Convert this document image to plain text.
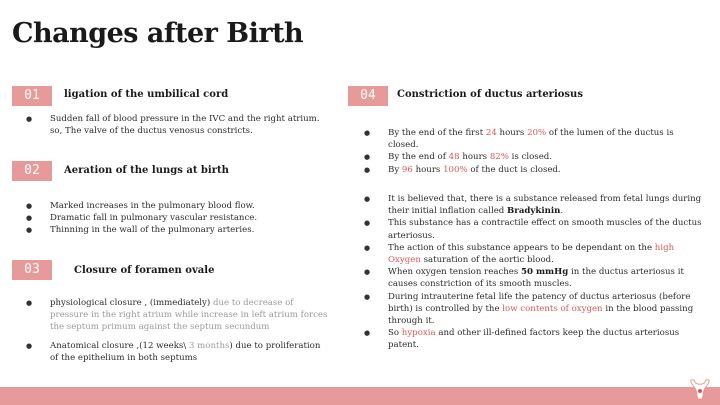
Changes after Birth
01	ligation of the umbilical cord
● Sudden fall of blood pressure in the IVC and the right atrium. so, The valve of the ductus venosus constricts.
02	Aeration of the lungs at birth
● Marked increases in the pulmonary blood flow.
● Dramatic fall in pulmonary vascular resistance.
● Thinning in the wall of the pulmonary arteries.
03	Closure of foramen ovale
● physiological closure , (immediately) due to decrease of pressure in the right atrium while increase in left atrium forces the septum primum against the septum secundum
● Anatomical closure ,(12 weeks\ 3 months) due to proliferation of the epithelium in both septums
04	Constriction of ductus arteriosus
● By the end of the first 24 hours 20% of the lumen of the ductus is closed.
● By the end of 48 hours 82% is closed.
● By 96 hours 100% of the duct is closed.
● It is believed that, there is a substance released from fetal lungs during their initial inflation called Bradykinin.
● This substance has a contractile effect on smooth muscles of the ductus arteriosus.
● The action of this substance appears to be dependant on the high Oxygen saturation of the aortic blood.
● When oxygen tension reaches 50 mmHg in the ductus arteriosus it causes constriction of its smooth muscles.
● During intrauterine fetal life the patency of ductus arteriosus (before birth) is controlled by the low contents of oxygen in the blood passing through it.
● So hypoxia and other ill-defined factors keep the ductus arteriosus patent.
